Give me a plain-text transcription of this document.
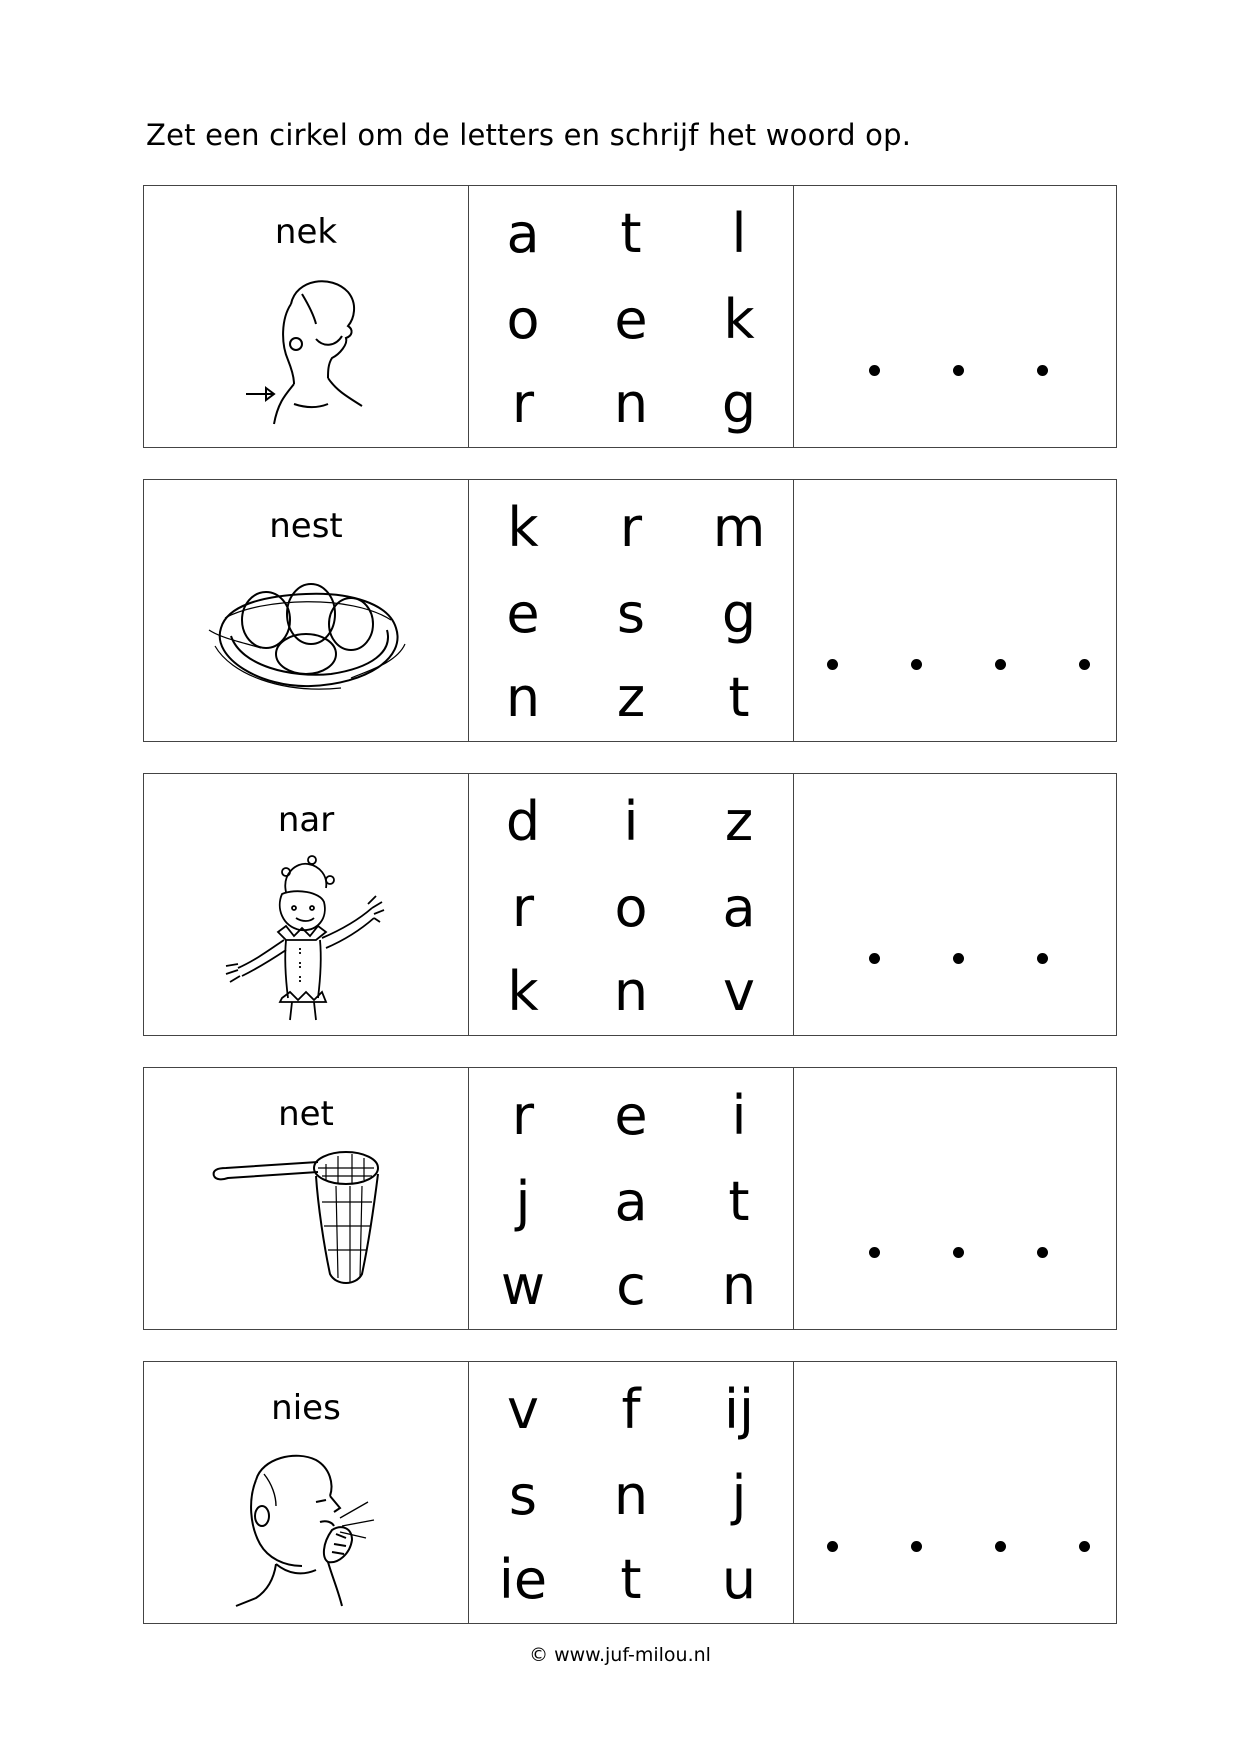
Zet een cirkel om de letters en schrijf het woord op.
nek	a	t	l
o	e	k
r	n	g
nest	k	r	m
e	s	g
n	z	t
nar	d	i	z
r	o	a
k	n	v
net	r	e	i
j	a	t
w	c	n
nies	v	f	ij
s	n	j
ie	t	u
© www.juf-milou.nl
